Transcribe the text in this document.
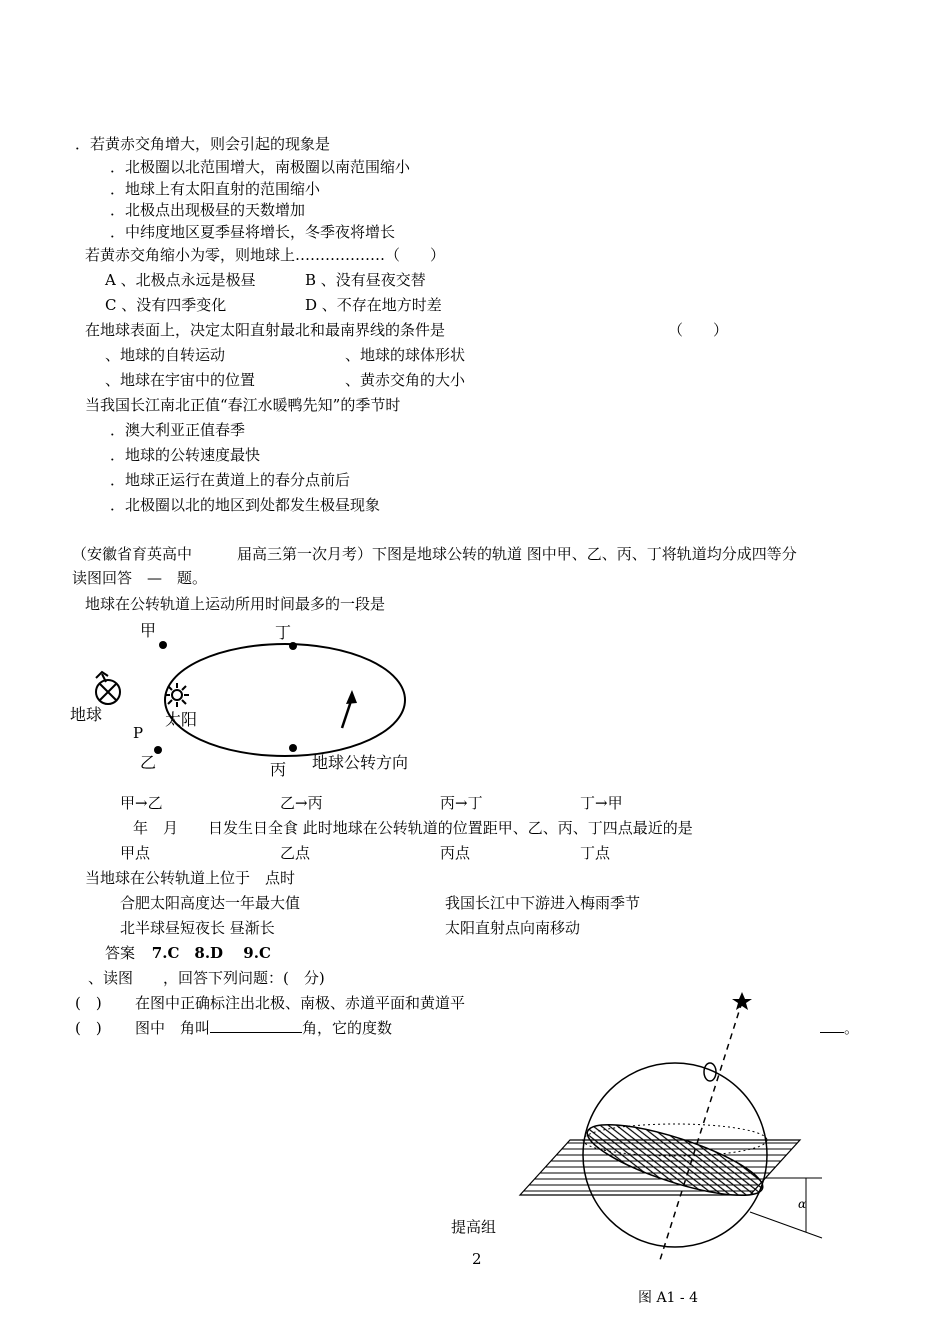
．若黄赤交角增大，则会引起的现象是
．北极圈以北范围增大，南极圈以南范围缩小
．地球上有太阳直射的范围缩小
．北极点出现极昼的天数增加
．中纬度地区夏季昼将增长，冬季夜将增长
若黄赤交角缩小为零，则地球上………………（　　）
A 、北极点永远是极昼	B 、没有昼夜交替
C 、没有四季变化	D 、不存在地方时差
在地球表面上，决定太阳直射最北和最南界线的条件是	（　　）
、地球的自转运动	、地球的球体形状
、地球在宇宙中的位置	、黄赤交角的大小
当我国长江南北正值“春江水暖鸭先知”的季节时
．澳大利亚正值春季
．地球的公转速度最快
．地球正运行在黄道上的春分点前后
．北极圈以北的地区到处都发生极昼现象
（安徽省育英高中　　　届高三第一次月考）下图是地球公转的轨道 图中甲、乙、丙、丁将轨道均分成四等分
读图回答　—　题。
地球在公转轨道上运动所用时间最多的一段是
甲	丁
地球	太阳
P
乙	丙 地球公转方向
甲→乙	乙→丙	丙→丁	丁→甲
　年　月　　日发生日全食 此时地球在公转轨道的位置距甲、乙、丙、丁四点最近的是
甲点	乙点	丙点	丁点
当地球在公转轨道上位于　点时
合肥太阳高度达一年最大值	我国长江中下游进入梅雨季节
北半球昼短夜长 昼渐长	太阳直射点向南移动
答案 7.C　8.D　 9.C
、读图　　，回答下列问题：(　分)
(　) 在图中正确标注出北极、南极、赤道平面和黄道平
(　) 图中　角叫	角，它的度数	。
α
图 A1 - 4
提高组
2
